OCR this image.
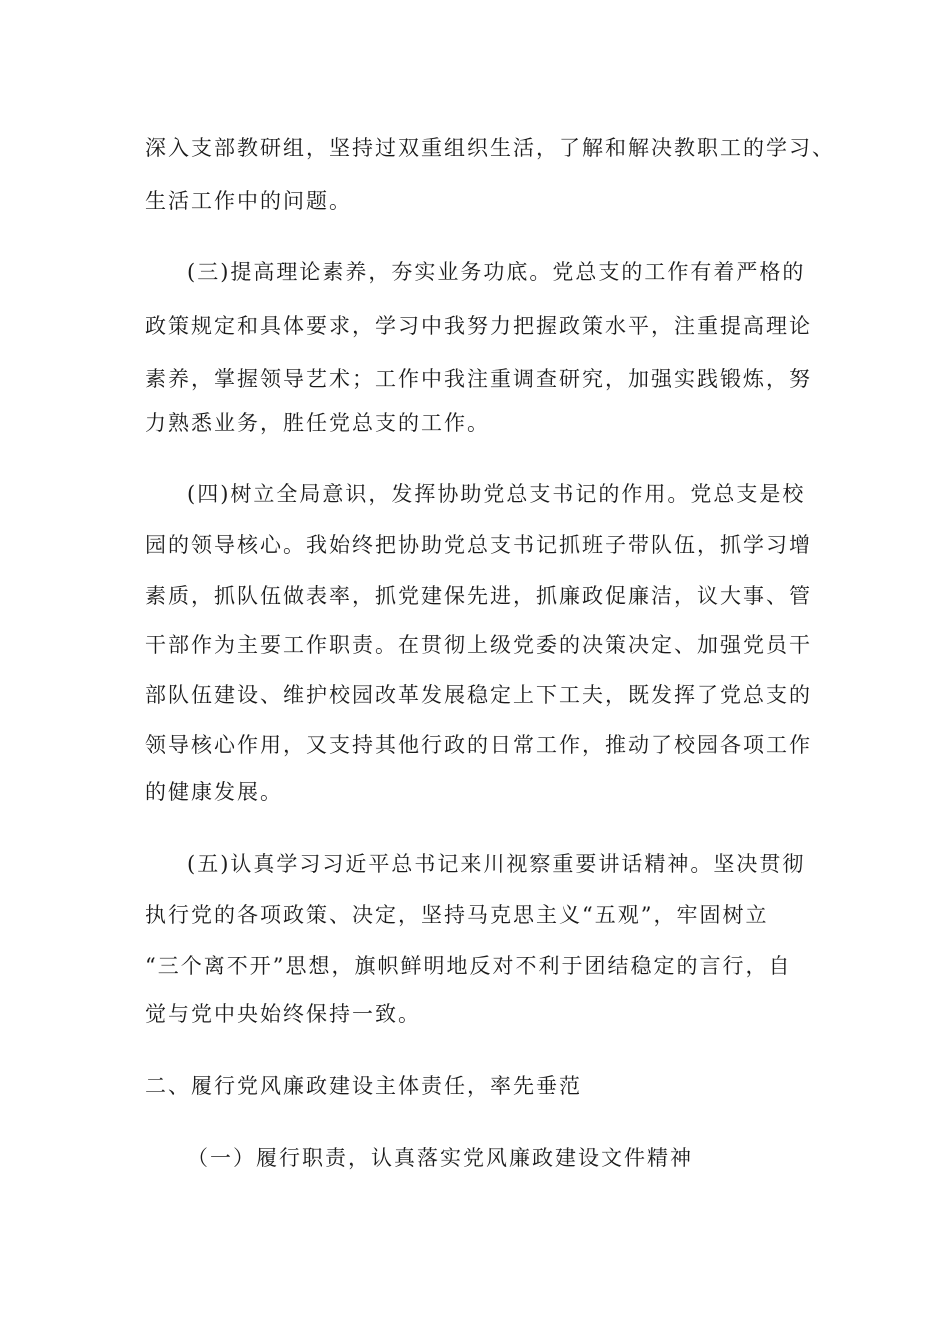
深入支部教研组，坚持过双重组织生活，了解和解决教职工的学习、
生活工作中的问题。
(三)提高理论素养，夯实业务功底。党总支的工作有着严格的
政策规定和具体要求，学习中我努力把握政策水平，注重提高理论
素养，掌握领导艺术；工作中我注重调查研究，加强实践锻炼，努
力熟悉业务，胜任党总支的工作。
(四)树立全局意识，发挥协助党总支书记的作用。党总支是校
园的领导核心。我始终把协助党总支书记抓班子带队伍，抓学习增
素质，抓队伍做表率，抓党建保先进，抓廉政促廉洁，议大事、管
干部作为主要工作职责。在贯彻上级党委的决策决定、加强党员干
部队伍建设、维护校园改革发展稳定上下工夫，既发挥了党总支的
领导核心作用，又支持其他行政的日常工作，推动了校园各项工作
的健康发展。
(五)认真学习习近平总书记来川视察重要讲话精神。坚决贯彻
执行党的各项政策、决定，坚持马克思主义“五观”，牢固树立
“三个离不开”思想，旗帜鲜明地反对不利于团结稳定的言行，自
觉与党中央始终保持一致。
二、履行党风廉政建设主体责任，率先垂范
（一）履行职责，认真落实党风廉政建设文件精神
